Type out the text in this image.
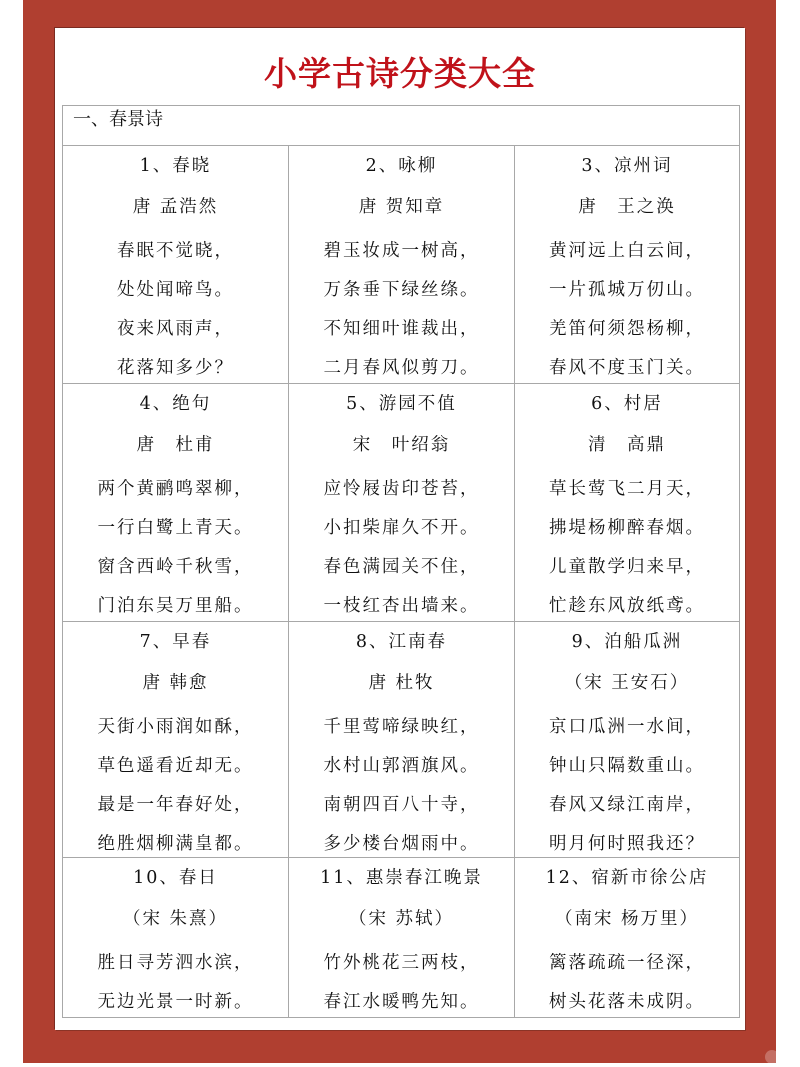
小学古诗分类大全
一、春景诗
1、春晓
唐 孟浩然
春眠不觉晓，
处处闻啼鸟。
夜来风雨声，
花落知多少？
2、咏柳
唐 贺知章
碧玉妆成一树高，
万条垂下绿丝绦。
不知细叶谁裁出，
二月春风似剪刀。
3、凉州词
唐　王之涣
黄河远上白云间，
一片孤城万仞山。
羌笛何须怨杨柳，
春风不度玉门关。
4、绝句
唐　杜甫
两个黄鹂鸣翠柳，
一行白鹭上青天。
窗含西岭千秋雪，
门泊东吴万里船。
5、游园不值
宋　叶绍翁
应怜屐齿印苍苔，
小扣柴扉久不开。
春色满园关不住，
一枝红杏出墙来。
6、村居
清　高鼎
草长莺飞二月天，
拂堤杨柳醉春烟。
儿童散学归来早，
忙趁东风放纸鸢。
7、早春
唐 韩愈
天街小雨润如酥，
草色遥看近却无。
最是一年春好处，
绝胜烟柳满皇都。
8、江南春
唐 杜牧
千里莺啼绿映红，
水村山郭酒旗风。
南朝四百八十寺，
多少楼台烟雨中。
9、泊船瓜洲
（宋 王安石）
京口瓜洲一水间，
钟山只隔数重山。
春风又绿江南岸，
明月何时照我还？
10、春日
（宋 朱熹）
胜日寻芳泗水滨，
无边光景一时新。
11、惠崇春江晚景
（宋 苏轼）
竹外桃花三两枝，
春江水暖鸭先知。
12、宿新市徐公店
（南宋 杨万里）
篱落疏疏一径深，
树头花落未成阴。
